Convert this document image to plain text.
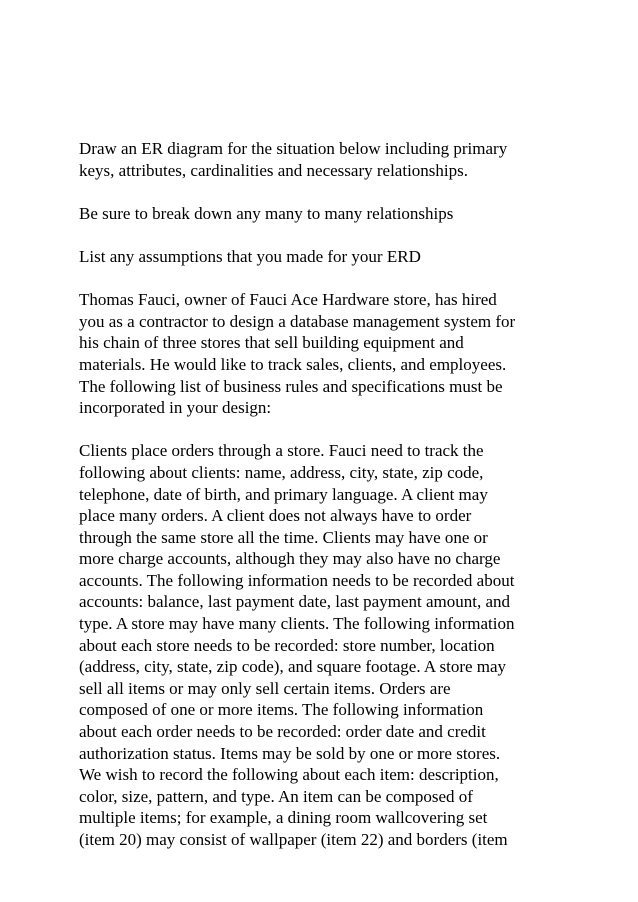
Draw an ER diagram for the situation below including primary
keys, attributes, cardinalities and necessary relationships.
Be sure to break down any many to many relationships
List any assumptions that you made for your ERD
Thomas Fauci, owner of Fauci Ace Hardware store, has hired
you as a contractor to design a database management system for
his chain of three stores that sell building equipment and
materials. He would like to track sales, clients, and employees.
The following list of business rules and specifications must be
incorporated in your design:
Clients place orders through a store. Fauci need to track the
following about clients: name, address, city, state, zip code,
telephone, date of birth, and primary language. A client may
place many orders. A client does not always have to order
through the same store all the time. Clients may have one or
more charge accounts, although they may also have no charge
accounts. The following information needs to be recorded about
accounts: balance, last payment date, last payment amount, and
type. A store may have many clients. The following information
about each store needs to be recorded: store number, location
(address, city, state, zip code), and square footage. A store may
sell all items or may only sell certain items. Orders are
composed of one or more items. The following information
about each order needs to be recorded: order date and credit
authorization status. Items may be sold by one or more stores.
We wish to record the following about each item: description,
color, size, pattern, and type. An item can be composed of
multiple items; for example, a dining room wallcovering set
(item 20) may consist of wallpaper (item 22) and borders (item
